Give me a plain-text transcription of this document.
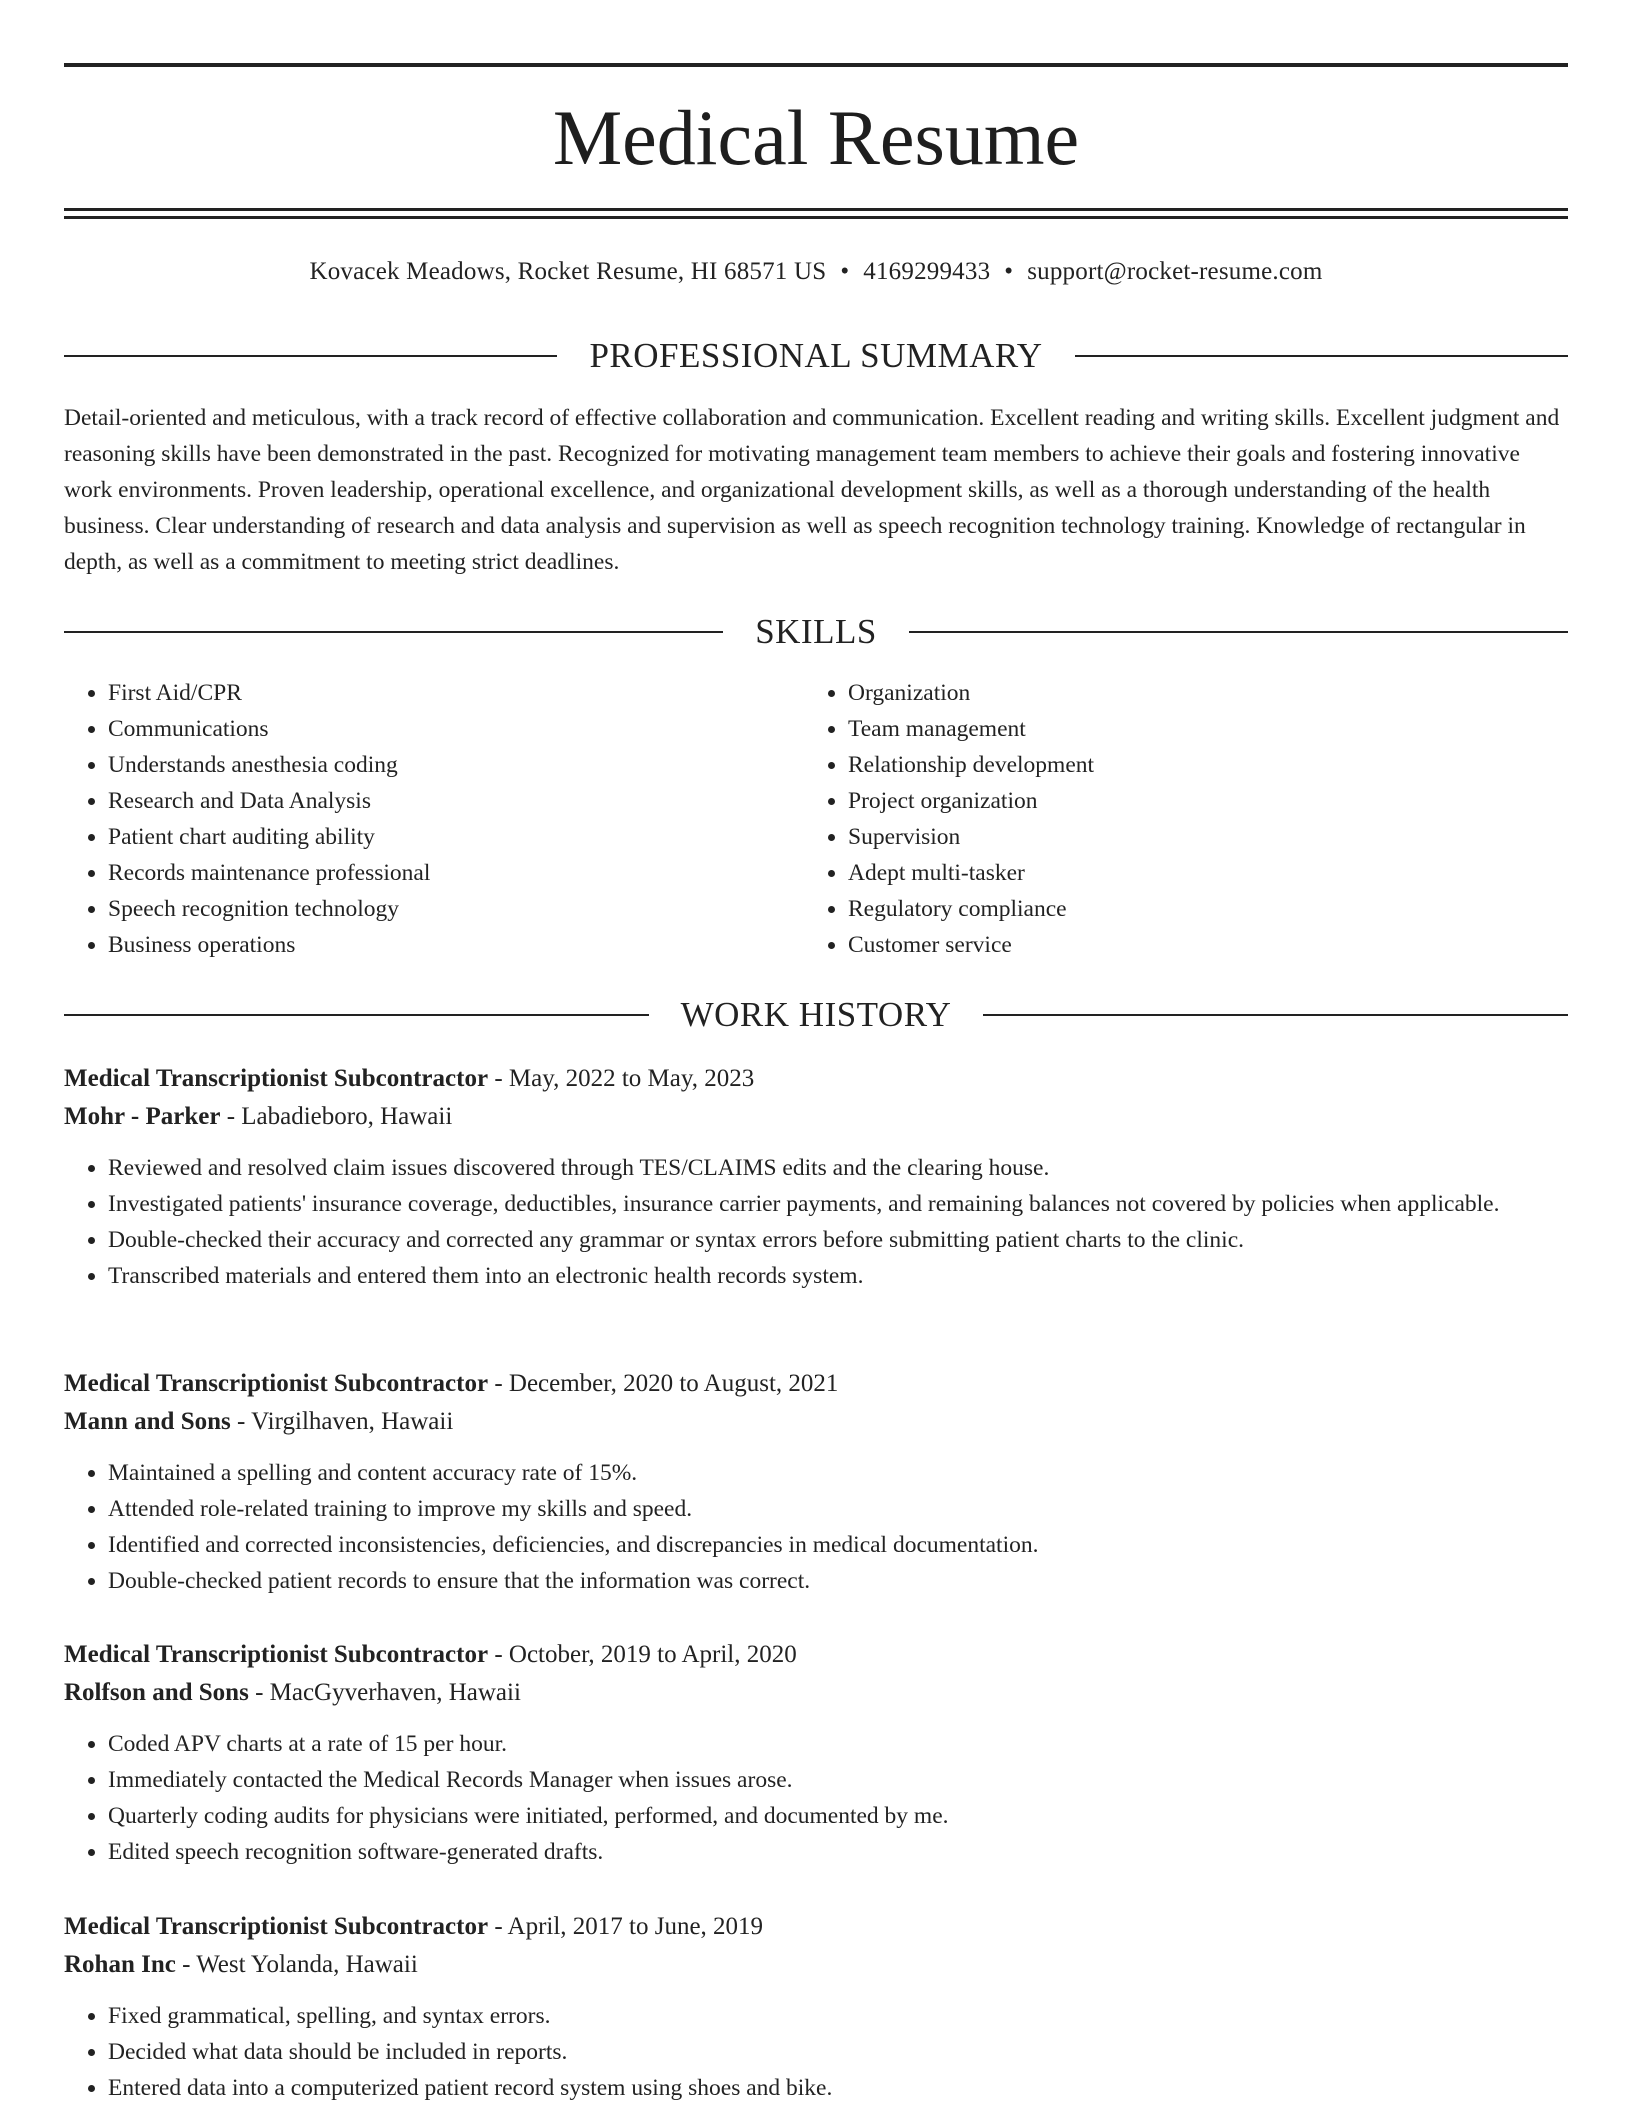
Medical Resume
Kovacek Meadows, Rocket Resume, HI 68571 US • 4169299433 • support@rocket-resume.com
PROFESSIONAL SUMMARY

Detail-oriented and meticulous, with a track record of effective collaboration and communication. Excellent reading and writing skills. Excellent judgment and reasoning skills have been demonstrated in the past. Recognized for motivating management team members to achieve their goals and fostering innovative work environments. Proven leadership, operational excellence, and organizational development skills, as well as a thorough understanding of the health business. Clear understanding of research and data analysis and supervision as well as speech recognition technology training. Knowledge of rectangular in depth, as well as a commitment to meeting strict deadlines.

SKILLS
• First Aid/CPR
• Communications
• Understands anesthesia coding
• Research and Data Analysis
• Patient chart auditing ability
• Records maintenance professional
• Speech recognition technology
• Business operations
• Organization
• Team management
• Relationship development
• Project organization
• Supervision
• Adept multi-tasker
• Regulatory compliance
• Customer service
WORK HISTORY

Medical Transcriptionist Subcontractor - May, 2022 to May, 2023

Mohr - Parker - Labadieboro, Hawaii

• Reviewed and resolved claim issues discovered through TES/CLAIMS edits and the clearing house.
• Investigated patients' insurance coverage, deductibles, insurance carrier payments, and remaining balances not covered by policies when applicable.
• Double-checked their accuracy and corrected any grammar or syntax errors before submitting patient charts to the clinic.
• Transcribed materials and entered them into an electronic health records system.

Medical Transcriptionist Subcontractor - December, 2020 to August, 2021

Mann and Sons - Virgilhaven, Hawaii

• Maintained a spelling and content accuracy rate of 15%.
• Attended role-related training to improve my skills and speed.
• Identified and corrected inconsistencies, deficiencies, and discrepancies in medical documentation.
• Double-checked patient records to ensure that the information was correct.

Medical Transcriptionist Subcontractor - October, 2019 to April, 2020

Rolfson and Sons - MacGyverhaven, Hawaii

• Coded APV charts at a rate of 15 per hour.
• Immediately contacted the Medical Records Manager when issues arose.
• Quarterly coding audits for physicians were initiated, performed, and documented by me.
• Edited speech recognition software-generated drafts.

Medical Transcriptionist Subcontractor - April, 2017 to June, 2019

Rohan Inc - West Yolanda, Hawaii

• Fixed grammatical, spelling, and syntax errors.
• Decided what data should be included in reports.
• Entered data into a computerized patient record system using shoes and bike.
